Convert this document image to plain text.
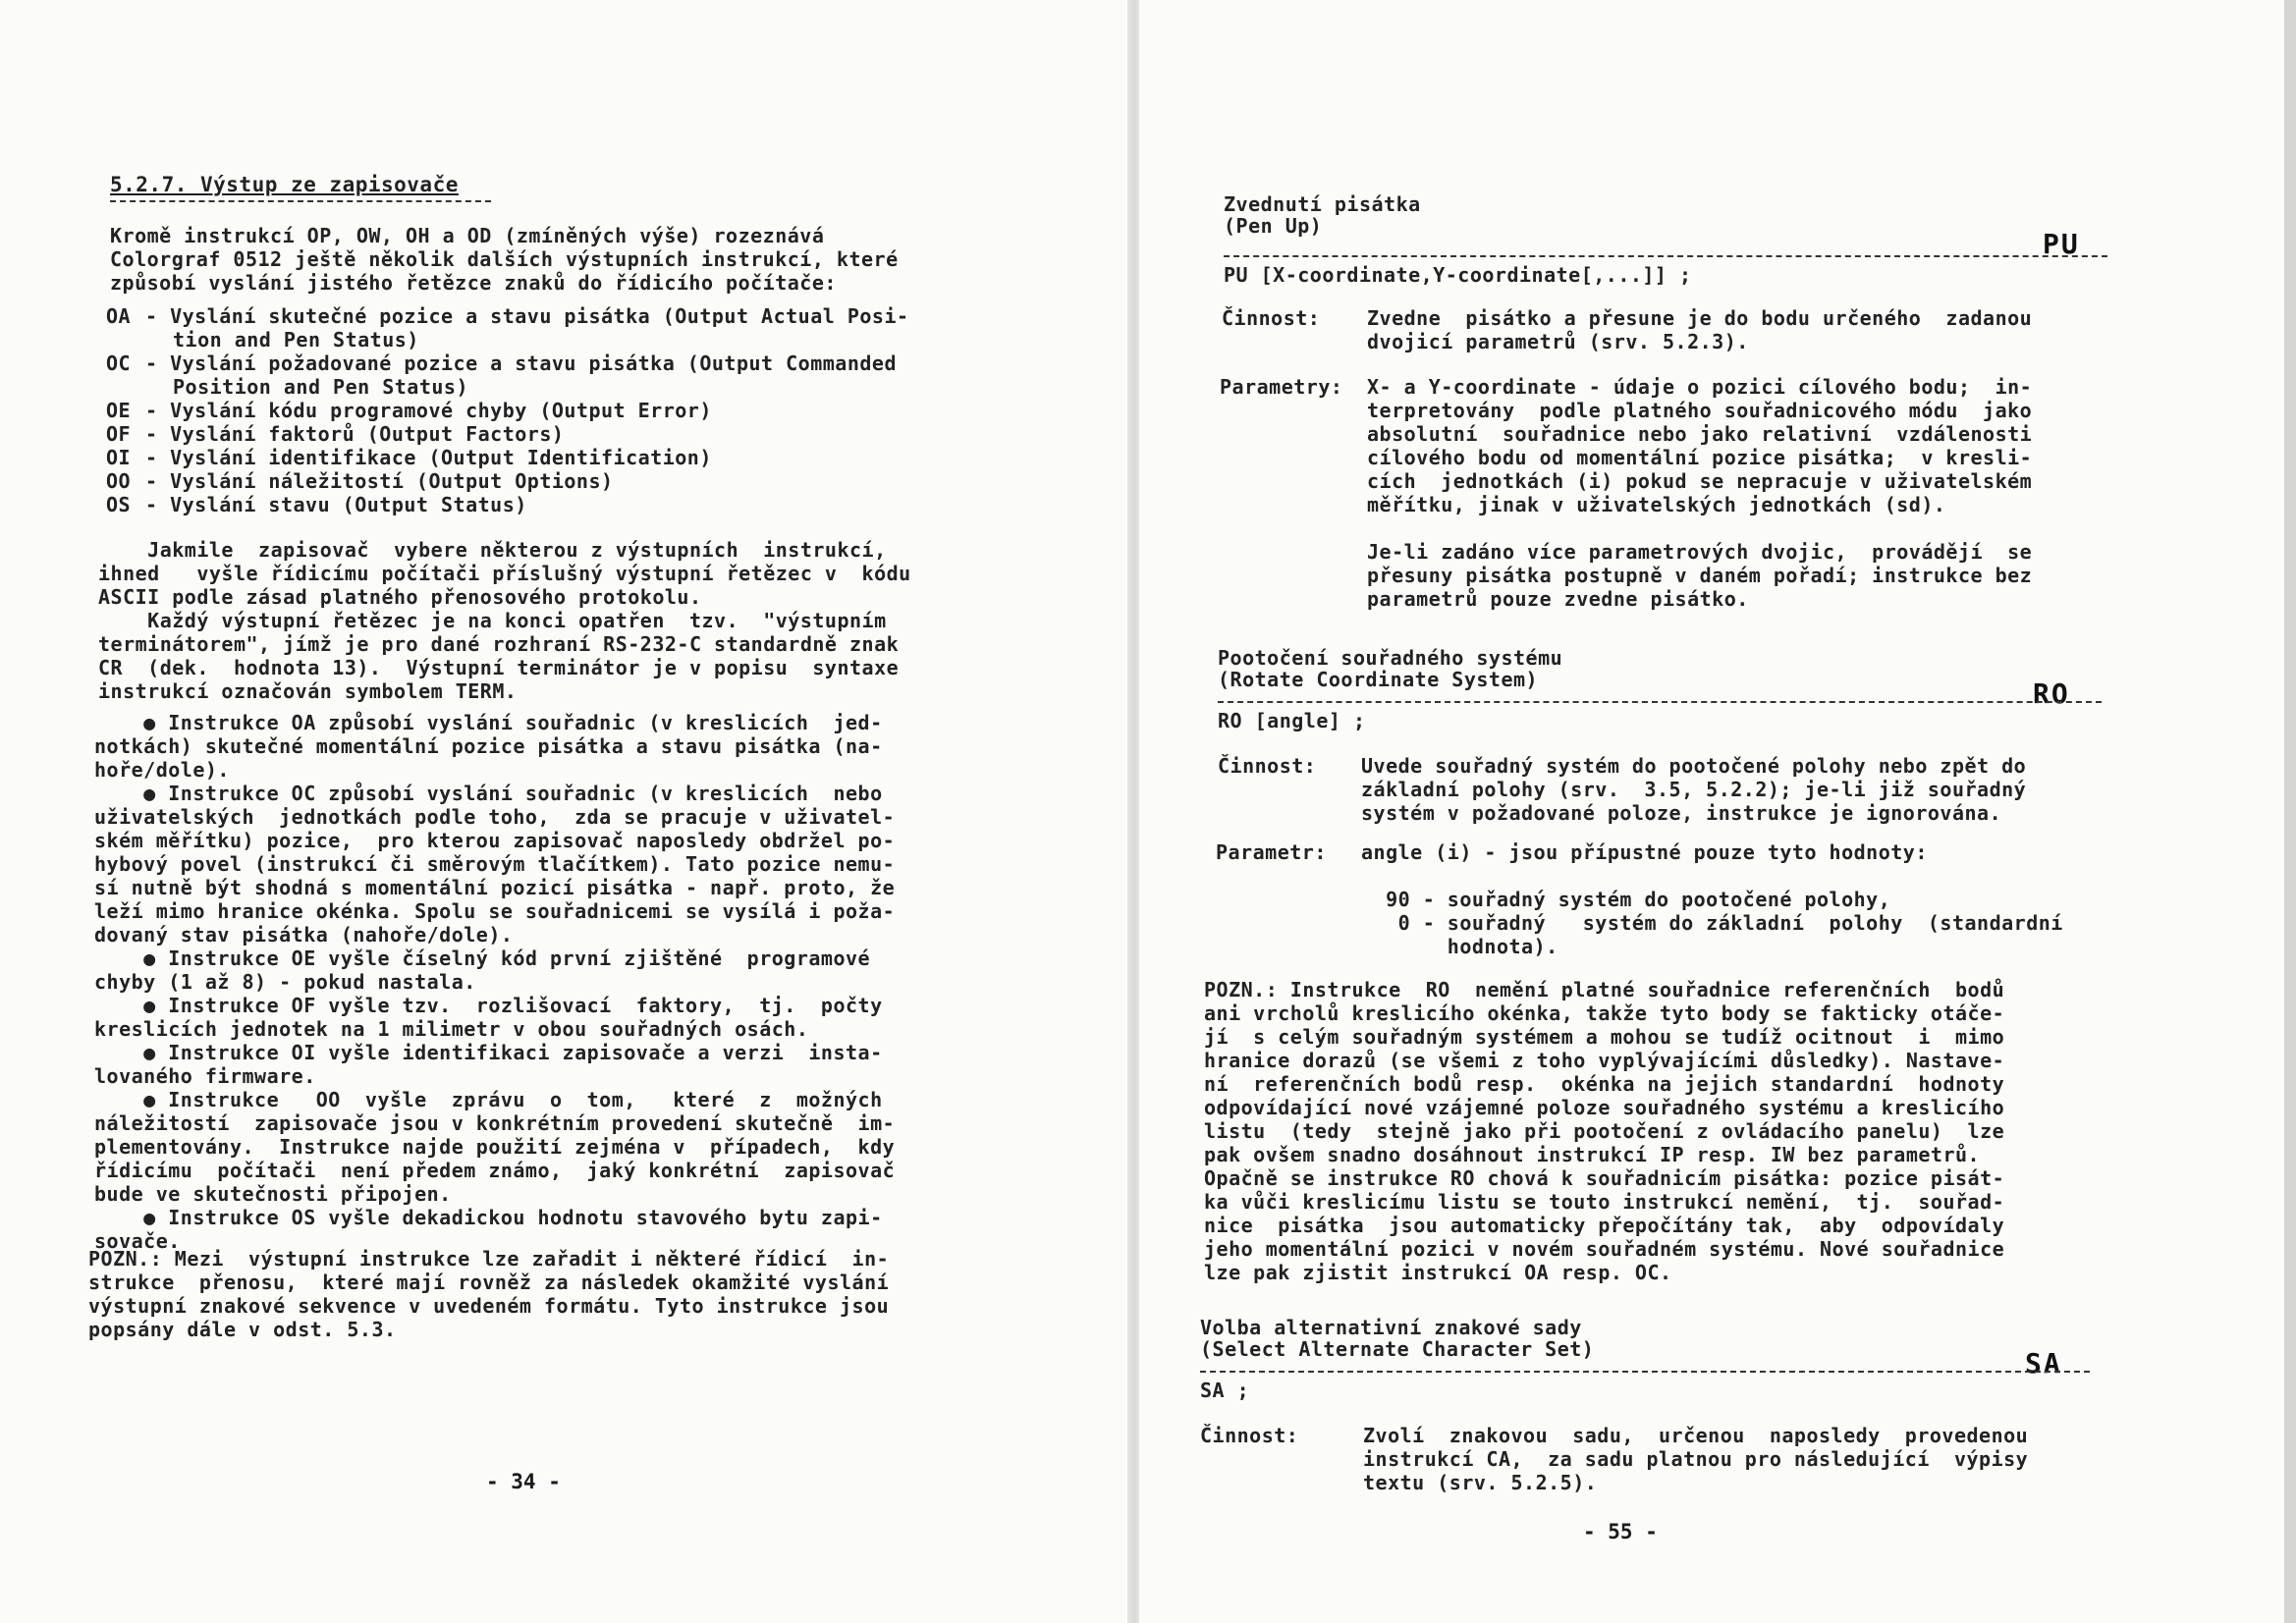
5.2.7. Výstup ze zapisovače
Kromě instrukcí OP, OW, OH a OD (zmíněných výše) rozeznává
Colorgraf 0512 ještě několik dalších výstupních instrukcí, které
způsobí vyslání jistého řetězce znaků do řídicího počítače:
OA - Vyslání skutečné pozice a stavu pisátka (Output Actual Posi-
tion and Pen Status)
OC - Vyslání požadované pozice a stavu pisátka (Output Commanded
Position and Pen Status)
OE - Vyslání kódu programové chyby (Output Error)
OF - Vyslání faktorů (Output Factors)
OI - Vyslání identifikace (Output Identification)
OO - Vyslání náležitostí (Output Options)
OS - Vyslání stavu (Output Status)
Jakmile  zapisovač  vybere některou z výstupních  instrukcí,
ihned   vyšle řídicímu počítači příslušný výstupní řetězec v  kódu
ASCII podle zásad platného přenosového protokolu.
Každý výstupní řetězec je na konci opatřen  tzv.  "výstupním
terminátorem", jímž je pro dané rozhraní RS-232-C standardně znak
CR  (dek.  hodnota 13).  Výstupní terminátor je v popisu  syntaxe
instrukcí označován symbolem TERM.
● Instrukce OA způsobí vyslání souřadnic (v kreslicích  jed-
notkách) skutečné momentální pozice pisátka a stavu pisátka (na-
hoře/dole).
● Instrukce OC způsobí vyslání souřadnic (v kreslicích  nebo
uživatelských  jednotkách podle toho,  zda se pracuje v uživatel-
ském měřítku) pozice,  pro kterou zapisovač naposledy obdržel po-
hybový povel (instrukcí či směrovým tlačítkem). Tato pozice nemu-
sí nutně být shodná s momentální pozicí pisátka - např. proto, že
leží mimo hranice okénka. Spolu se souřadnicemi se vysílá i poža-
dovaný stav pisátka (nahoře/dole).
● Instrukce OE vyšle číselný kód první zjištěné  programové
chyby (1 až 8) - pokud nastala.
● Instrukce OF vyšle tzv.  rozlišovací  faktory,  tj.  počty
kreslicích jednotek na 1 milimetr v obou souřadných osách.
● Instrukce OI vyšle identifikaci zapisovače a verzi  insta-
lovaného firmware.
● Instrukce   OO  vyšle  zprávu  o  tom,   které  z  možných
náležitostí  zapisovače jsou v konkrétním provedení skutečně  im-
plementovány.  Instrukce najde použití zejména v  případech,  kdy
řídicímu  počítači  není předem známo,  jaký konkrétní  zapisovač
bude ve skutečnosti připojen.
● Instrukce OS vyšle dekadickou hodnotu stavového bytu zapi-
sovače.
POZN.: Mezi  výstupní instrukce lze zařadit i některé řídicí  in-
strukce  přenosu,  které mají rovněž za následek okamžité vyslání
výstupní znakové sekvence v uvedeném formátu. Tyto instrukce jsou
popsány dále v odst. 5.3.
- 34 -
Zvednutí pisátka
(Pen Up)
PU
PU [X-coordinate,Y-coordinate[,...]] ;
Činnost: Zvedne  pisátko a přesune je do bodu určeného  zadanou
dvojicí parametrů (srv. 5.2.3).
Parametry: X- a Y-coordinate - údaje o pozici cílového bodu;  in-
terpretovány  podle platného souřadnicového módu  jako
absolutní  souřadnice nebo jako relativní  vzdálenosti
cílového bodu od momentální pozice pisátka;  v kresli-
cích  jednotkách (i) pokud se nepracuje v uživatelském
měřítku, jinak v uživatelských jednotkách (sd).
Je-li zadáno více parametrových dvojic,  provádějí  se
přesuny pisátka postupně v daném pořadí; instrukce bez
parametrů pouze zvedne pisátko.
Pootočení souřadného systému
(Rotate Coordinate System)	RO
RO [angle] ;
Činnost: Uvede souřadný systém do pootočené polohy nebo zpět do
základní polohy (srv.  3.5, 5.2.2); je-li již souřadný
systém v požadované poloze, instrukce je ignorována.
Parametr: angle (i) - jsou přípustné pouze tyto hodnoty:
90 - souřadný systém do pootočené polohy,
0 - souřadný   systém do základní  polohy  (standardní
hodnota).
POZN.: Instrukce  RO  nemění platné souřadnice referenčních  bodů
ani vrcholů kreslicího okénka, takže tyto body se fakticky otáče-
jí  s celým souřadným systémem a mohou se tudíž ocitnout  i  mimo
hranice dorazů (se všemi z toho vyplývajícími důsledky). Nastave-
ní  referenčních bodů resp.  okénka na jejich standardní  hodnoty
odpovídající nové vzájemné poloze souřadného systému a kreslicího
listu  (tedy  stejně jako při pootočení z ovládacího panelu)  lze
pak ovšem snadno dosáhnout instrukcí IP resp. IW bez parametrů.
Opačně se instrukce RO chová k souřadnicím pisátka: pozice pisát-
ka vůči kreslicímu listu se touto instrukcí nemění,  tj.  souřad-
nice  pisátka  jsou automaticky přepočítány tak,  aby  odpovídaly
jeho momentální pozici v novém souřadném systému. Nové souřadnice
lze pak zjistit instrukcí OA resp. OC.
Volba alternativní znakové sady
(Select Alternate Character Set)	SA
SA ;
Činnost:	Zvolí  znakovou  sadu,  určenou  naposledy  provedenou
instrukcí CA,  za sadu platnou pro následující  výpisy
textu (srv. 5.2.5).
- 55 -
